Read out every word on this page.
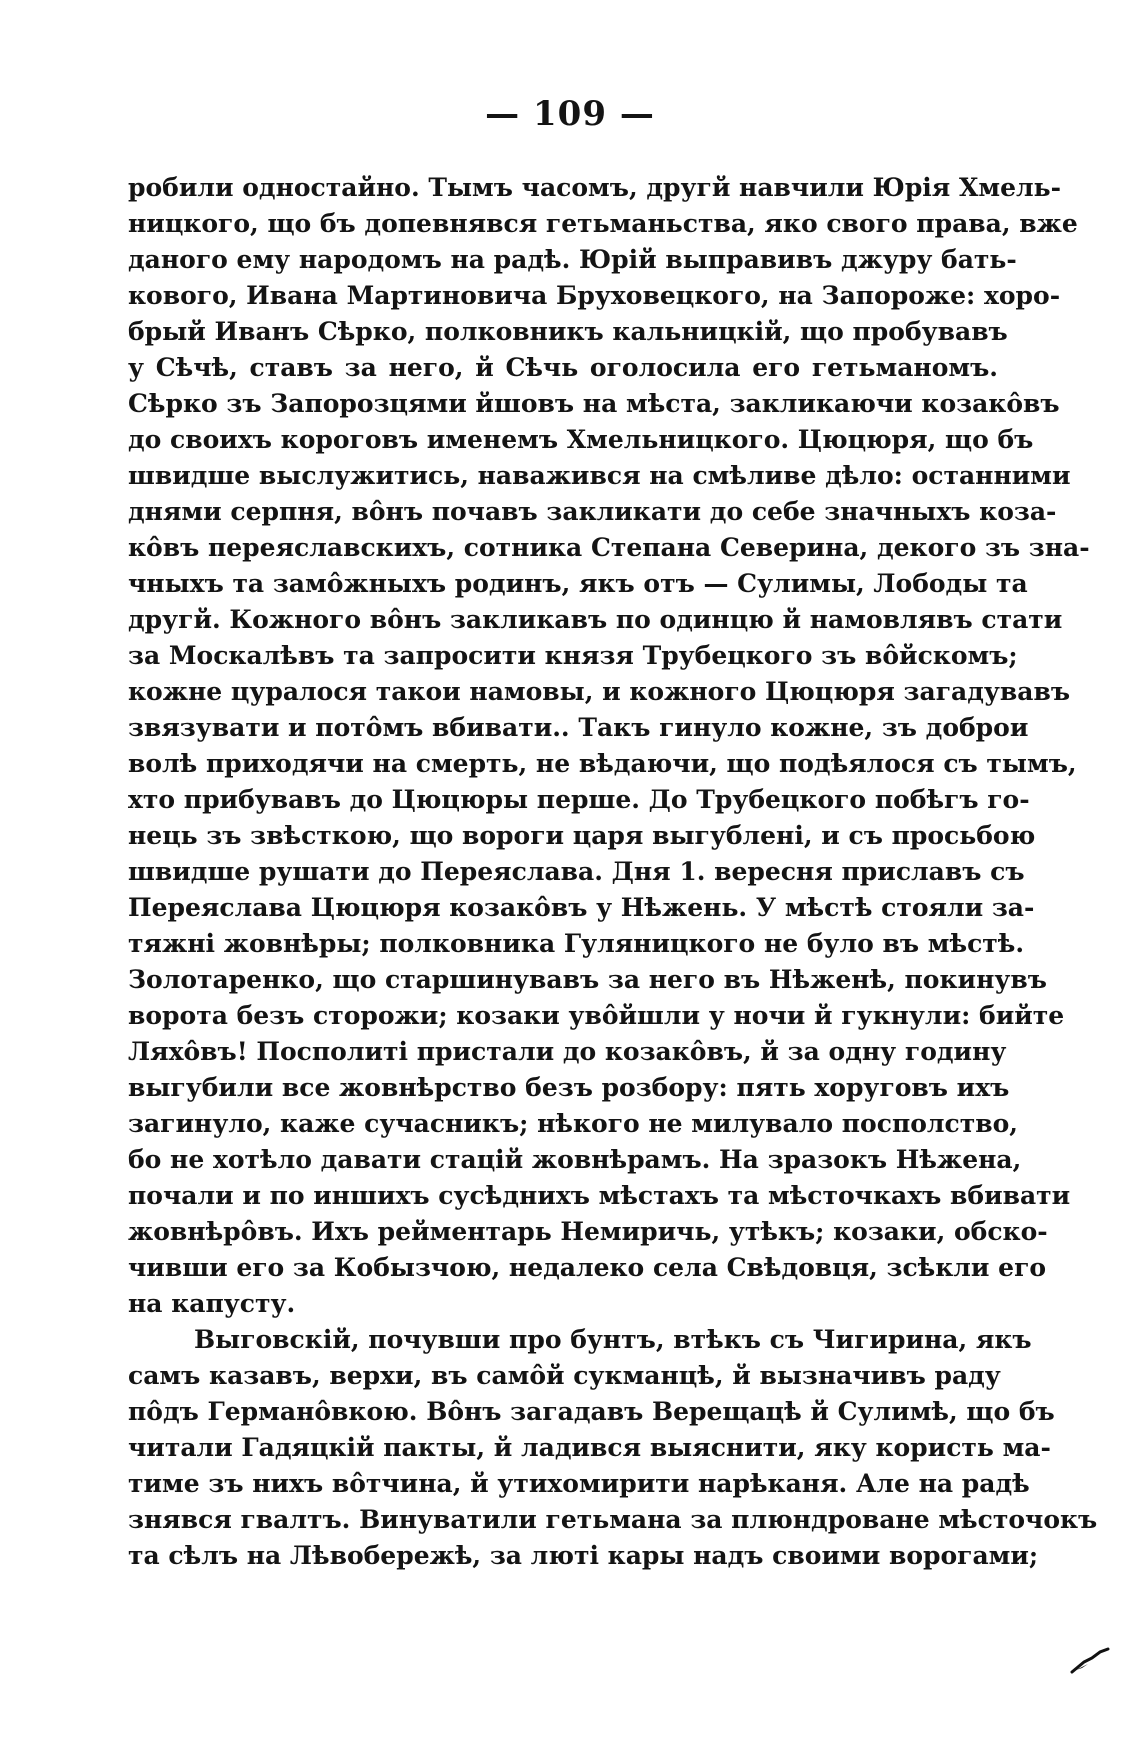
— 109 —
робили одностайно. Тымъ часомъ, другй навчили Юрія Хмель-
ницкого, що бъ допевнявся гетьманьства, яко свого права, вже
даного ему народомъ на радѣ. Юрій выправивъ джуру бать-
кового, Ивана Мартиновича Бруховецкого, на Запороже: хоро-
брый Иванъ Сѣрко, полковникъ кальницкій, що пробувавъ
у Сѣчѣ, ставъ за него, й Сѣчь оголосила его гетьманомъ.
Сѣрко зъ Запорозцями йшовъ на мѣста, закликаючи козакôвъ
до своихъ короговъ именемъ Хмельницкого. Цюцюря, що бъ
швидше выслужитись, наважився на смѣливе дѣло: останними
днями серпня, вôнъ почавъ закликати до себе значныхъ коза-
кôвъ переяславскихъ, сотника Степана Северина, декого зъ зна-
чныхъ та замôжныхъ родинъ, якъ отъ — Сулимы, Лободы та
другй. Кожного вôнъ закликавъ по одинцю й намовлявъ стати
за Москалѣвъ та запросити князя Трубецкого зъ вôйскомъ;
кожне цуралося такои намовы, и кожного Цюцюря загадувавъ
звязувати и потôмъ вбивати.. Такъ гинуло кожне, зъ доброи
волѣ приходячи на смерть, не вѣдаючи, що подѣялося съ тымъ,
хто прибувавъ до Цюцюры перше. До Трубецкого побѣгъ го-
нець зъ звѣсткою, що вороги царя выгублені, и съ просьбою
швидше рушати до Переяслава. Дня 1. вересня приславъ съ
Переяслава Цюцюря козакôвъ у Нѣжень. У мѣстѣ стояли за-
тяжні жовнѣры; полковника Гуляницкого не було въ мѣстѣ.
Золотаренко, що старшинувавъ за него въ Нѣженѣ, покинувъ
ворота безъ сторожи; козаки увôйшли у ночи й гукнули: бийте
Ляхôвъ! Посполиті пристали до козакôвъ, й за одну годину
выгубили все жовнѣрство безъ розбору: пять хоруговъ ихъ
загинуло, каже сучасникъ; нѣкого не милувало посполство,
бо не хотѣло давати стацій жовнѣрамъ. На зразокъ Нѣжена,
почали и по иншихъ сусѣднихъ мѣстахъ та мѣсточкахъ вбивати
жовнѣрôвъ. Ихъ рейментарь Немиричь, утѣкъ; козаки, обско-
чивши его за Кобызчою, недалеко села Свѣдовця, зсѣкли его
на капусту.
Выговскій, почувши про бунтъ, втѣкъ съ Чигирина, якъ
самъ казавъ, верхи, въ самôй сукманцѣ, й вызначивъ раду
пôдъ Германôвкою. Вôнъ загадавъ Верещацѣ й Сулимѣ, що бъ
читали Гадяцкій пакты, й ладився выяснити, яку користь ма-
тиме зъ нихъ вôтчина, й утихомирити нарѣканя. Але на радѣ
знявся гвалтъ. Винуватили гетьмана за плюндроване мѣсточокъ
та сѣлъ на Лѣвобережѣ, за люті кары надъ своими ворогами;
